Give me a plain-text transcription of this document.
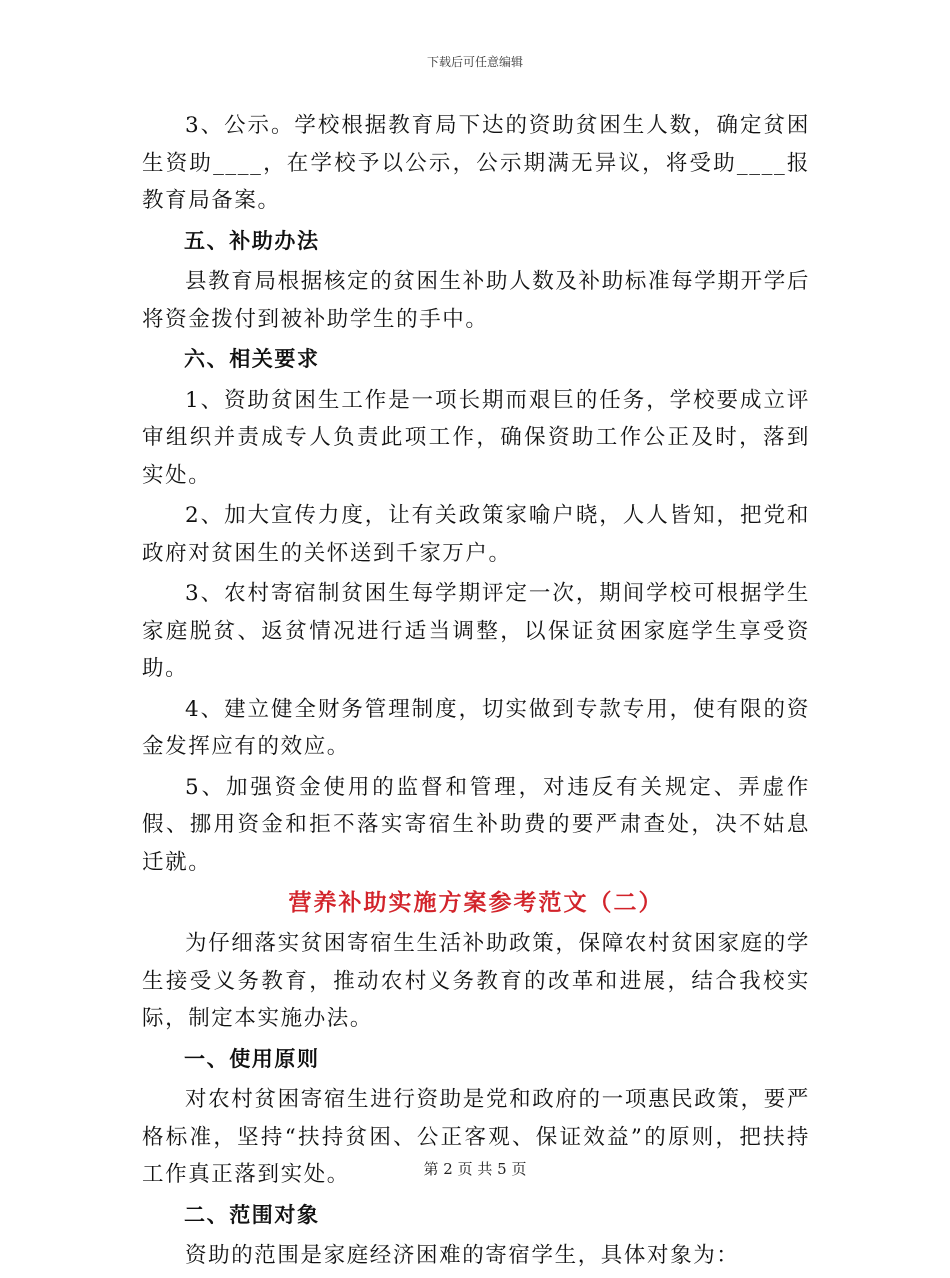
下载后可任意编辑

3、公示。学校根据教育局下达的资助贫困生人数，确定贫困生资助____，在学校予以公示，公示期满无异议，将受助____报教育局备案。

五、补助办法

县教育局根据核定的贫困生补助人数及补助标准每学期开学后将资金拨付到被补助学生的手中。

六、相关要求

1、资助贫困生工作是一项长期而艰巨的任务，学校要成立评审组织并责成专人负责此项工作，确保资助工作公正及时，落到实处。

2、加大宣传力度，让有关政策家喻户晓，人人皆知，把党和政府对贫困生的关怀送到千家万户。

3、农村寄宿制贫困生每学期评定一次，期间学校可根据学生家庭脱贫、返贫情况进行适当调整，以保证贫困家庭学生享受资助。

4、建立健全财务管理制度，切实做到专款专用，使有限的资金发挥应有的效应。

5、加强资金使用的监督和管理，对违反有关规定、弄虚作假、挪用资金和拒不落实寄宿生补助费的要严肃查处，决不姑息迁就。

营养补助实施方案参考范文（二）

为仔细落实贫困寄宿生生活补助政策，保障农村贫困家庭的学生接受义务教育，推动农村义务教育的改革和进展，结合我校实际，制定本实施办法。

一、使用原则

对农村贫困寄宿生进行资助是党和政府的一项惠民政策，要严格标准，坚持“扶持贫困、公正客观、保证效益”的原则，把扶持工作真正落到实处。

二、范围对象

资助的范围是家庭经济困难的寄宿学生，具体对象为：

第 2 页 共 5 页
